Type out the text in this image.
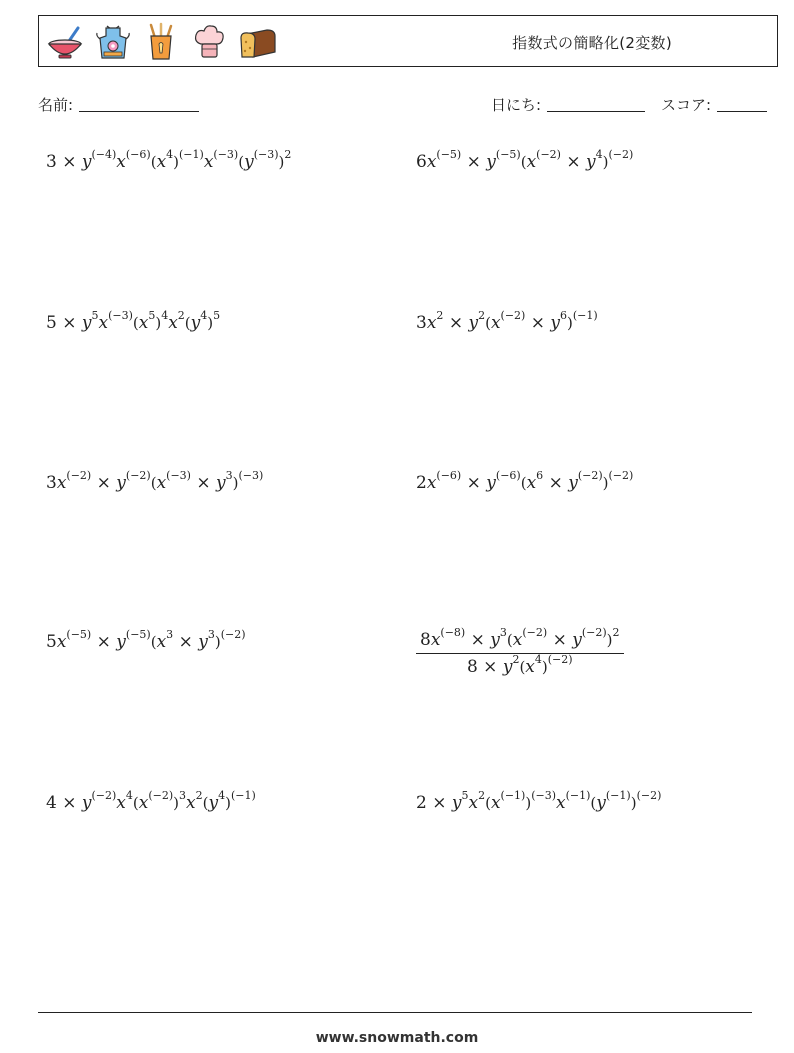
指数式の簡略化(2変数)
名前:	日にち:	スコア:
$3 \times y^{(-4)}x^{(-6)}(x^4)^{(-1)}x^{(-3)}(y^{(-3)})^2$
$5 \times y^5x^{(-3)}(x^5)^4x^2(y^4)^5$
$3x^{(-2)} \times y^{(-2)}(x^{(-3)} \times y^3)^{(-3)}$
$5x^{(-5)} \times y^{(-5)}(x^3 \times y^3)^{(-2)}$
$4 \times y^{(-2)}x^4(x^{(-2)})^3x^2(y^4)^{(-1)}$
$6x^{(-5)} \times y^{(-5)}(x^{(-2)} \times y^4)^{(-2)}$
$3x^2 \times y^2(x^{(-2)} \times y^6)^{(-1)}$
$2x^{(-6)} \times y^{(-6)}(x^6 \times y^{(-2)})^{(-2)}$
$\frac{8x^{(-8)} \times y^3(x^{(-2)} \times y^{(-2)})^2}{8 \times y^2(x^4)^{(-2)}}$
$2 \times y^5x^2(x^{(-1)})^{(-3)}x^{(-1)}(y^{(-1)})^{(-2)}$
www.snowmath.com
